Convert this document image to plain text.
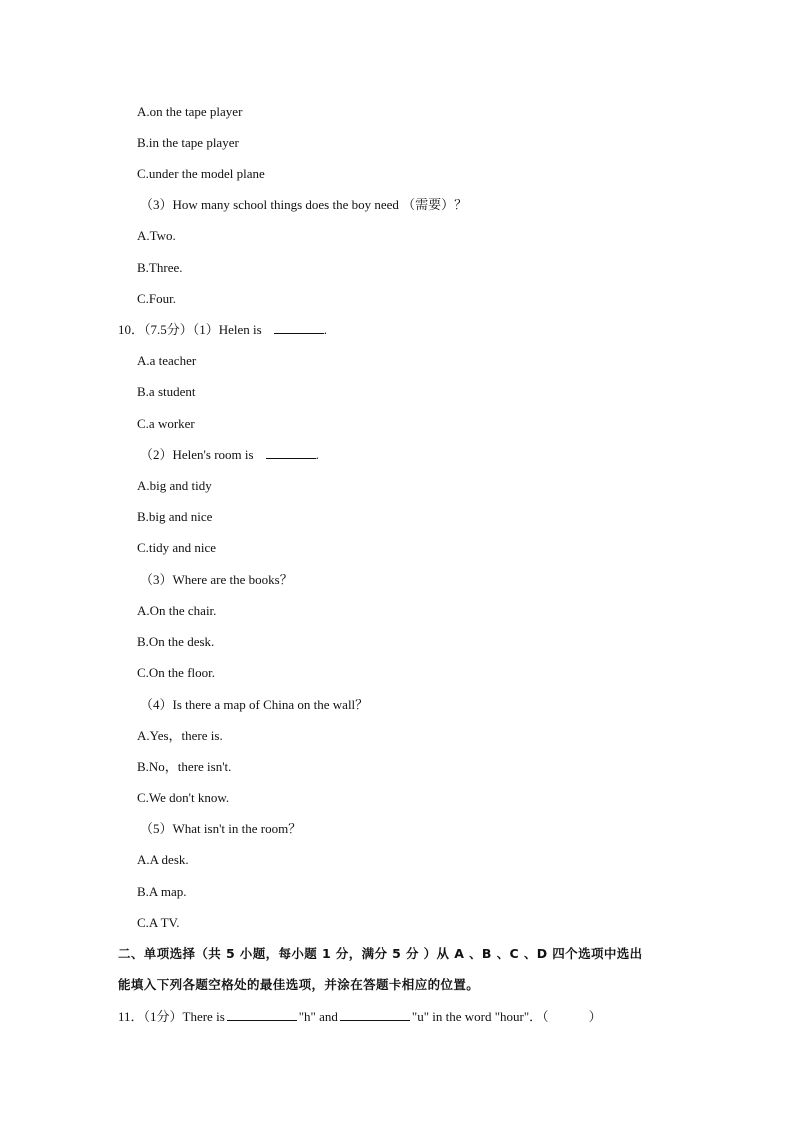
A.on the tape player
B.in the tape player
C.under the model plane
（3）How many school things does the boy need （需要）？
A.Two.
B.Three.
C.Four.
10．（7.5分）（1）Helen is	.
A.a teacher
B.a student
C.a worker
（2）Helen's room is	.
A.big and tidy
B.big and nice
C.tidy and nice
（3）Where are the books？
A.On the chair.
B.On the desk.
C.On the floor.
（4）Is there a map of China on the wall？
A.Yes，there is.
B.No，there isn't.
C.We don't know.
（5）What isn't in the room？
A.A desk.
B.A map.
C.A TV.
二、单项选择（共 5 小题，每小题 1 分，满分 5 分 ）从 A 、B 、C 、D 四个选项中选出
能填入下列各题空格处的最佳选项，并涂在答题卡相应的位置。
11．（1分）There is	"h" and	"u" in the word "hour"．（	）
